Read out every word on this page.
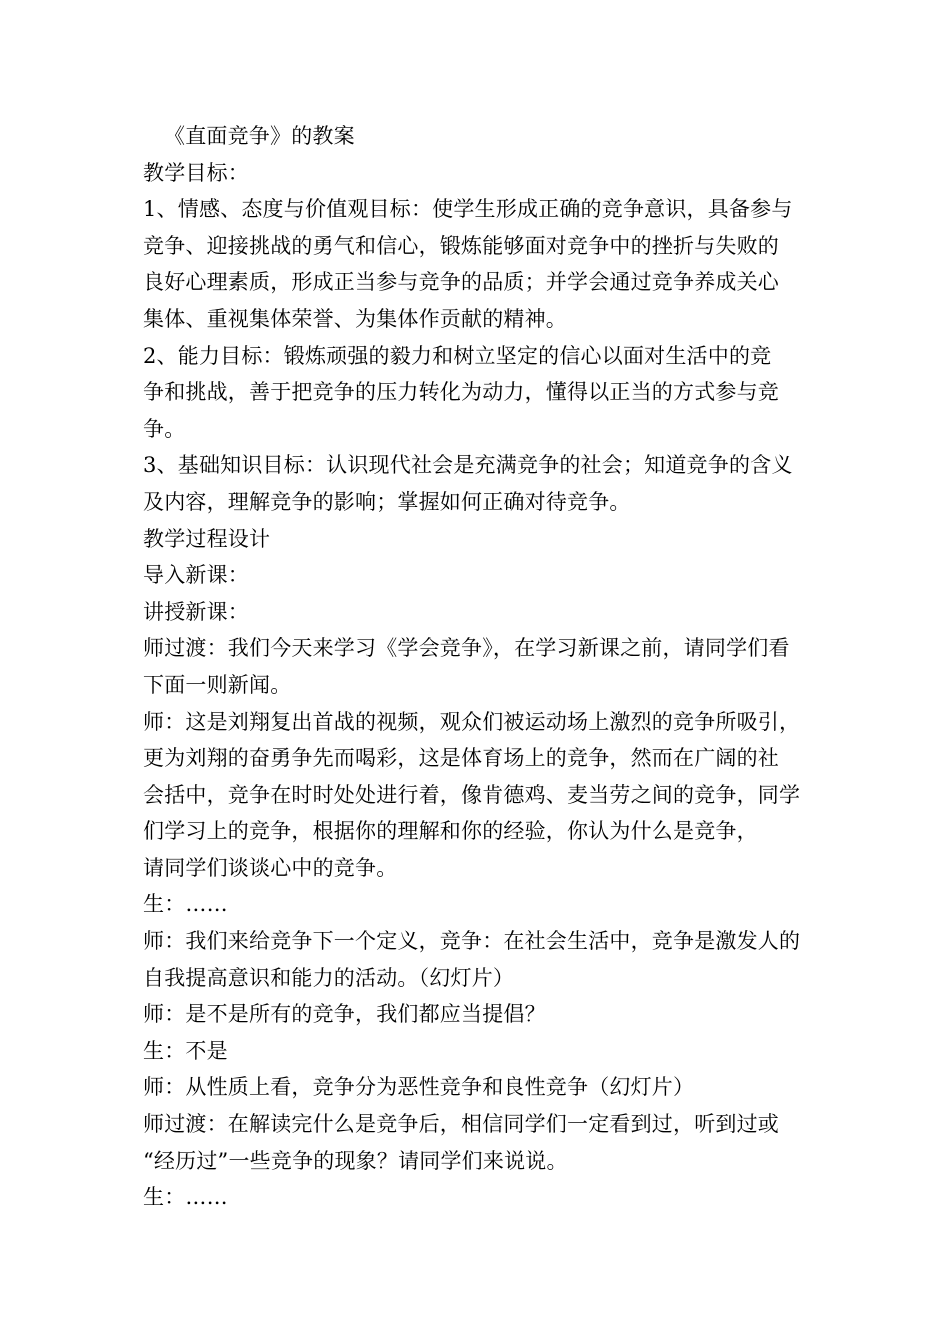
《直面竞争》的教案
教学目标：
1、情感、态度与价值观目标：使学生形成正确的竞争意识，具备参与
竞争、迎接挑战的勇气和信心，锻炼能够面对竞争中的挫折与失败的
良好心理素质，形成正当参与竞争的品质；并学会通过竞争养成关心
集体、重视集体荣誉、为集体作贡献的精神。
2、能力目标：锻炼顽强的毅力和树立坚定的信心以面对生活中的竞
争和挑战，善于把竞争的压力转化为动力，懂得以正当的方式参与竞
争。
3、基础知识目标：认识现代社会是充满竞争的社会；知道竞争的含义
及内容，理解竞争的影响；掌握如何正确对待竞争。
教学过程设计
导入新课：
讲授新课：
师过渡：我们今天来学习《学会竞争》，在学习新课之前，请同学们看
下面一则新闻。
师：这是刘翔复出首战的视频，观众们被运动场上激烈的竞争所吸引，
更为刘翔的奋勇争先而喝彩，这是体育场上的竞争，然而在广阔的社
会括中，竞争在时时处处进行着，像肯德鸡、麦当劳之间的竞争，同学
们学习上的竞争，根据你的理解和你的经验，你认为什么是竞争，
请同学们谈谈心中的竞争。
生：……
师：我们来给竞争下一个定义，竞争：在社会生活中，竞争是激发人的
自我提高意识和能力的活动。（幻灯片）
师：是不是所有的竞争，我们都应当提倡？
生：不是
师：从性质上看，竞争分为恶性竞争和良性竞争（幻灯片）
师过渡：在解读完什么是竞争后，相信同学们一定看到过，听到过或
“经历过”一些竞争的现象？请同学们来说说。
生：……
